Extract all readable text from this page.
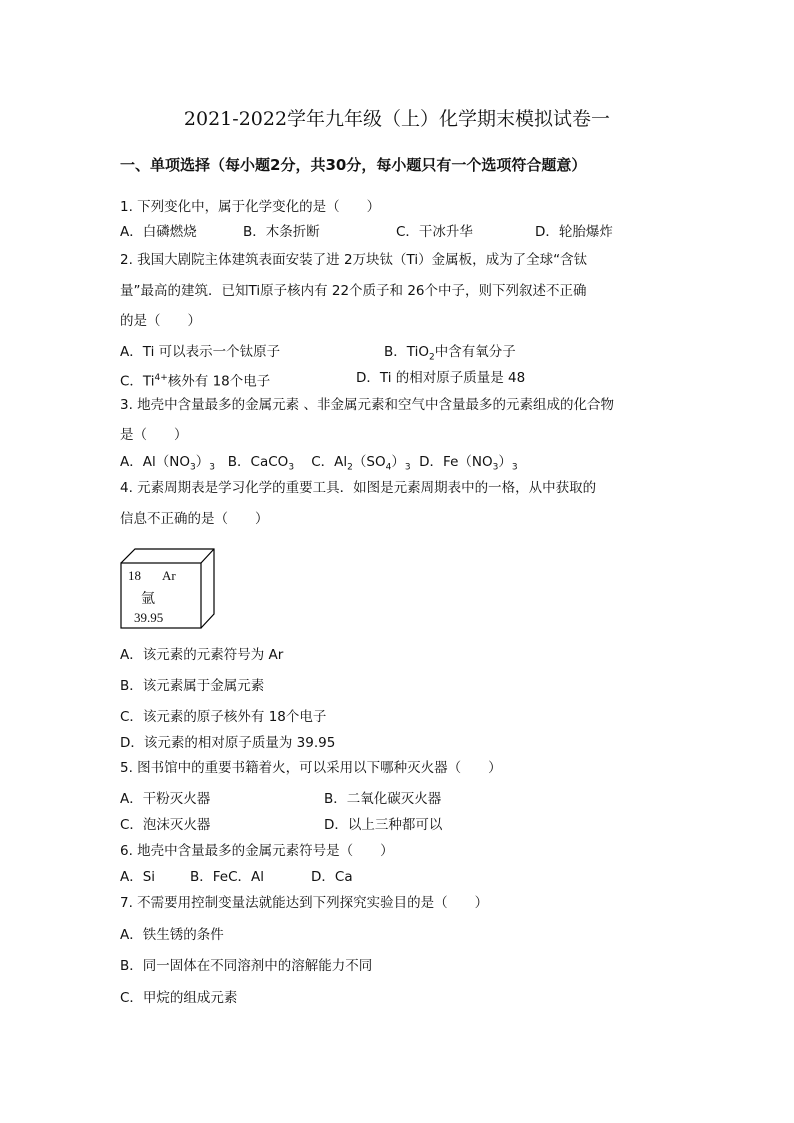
2021-2022学年九年级（上）化学期末模拟试卷一
一、单项选择（每小题2分，共30分，每小题只有一个选项符合题意）
1. 下列变化中，属于化学变化的是（　　）
A．白磷燃烧	B．木条折断	C．干冰升华	D．轮胎爆炸
2. 我国大剧院主体建筑表面安装了进 2万块钛（Ti）金属板，成为了全球“含钛
量”最高的建筑．已知Ti原子核内有 22个质子和 26个中子，则下列叙述不正确
的是（　　）
A．Ti 可以表示一个钛原子	B．TiO$_2$中含有氧分子
C．$Ti^{4+}$核外有 18个电子	D．Ti 的相对原子质量是 48
3. 地壳中含量最多的金属元素 、非金属元素和空气中含量最多的元素组成的化合物
是（　　）
A．$Al(NO_3)_3$ B．CaCO$_3$ C．$Al_2(SO_4)_3$ D．$Fe(NO_3)_3$
4. 元素周期表是学习化学的重要工具．如图是元素周期表中的一格，从中获取的
信息不正确的是（　　）
18 Ar
氩
39.95
A．该元素的元素符号为 Ar
B．该元素属于金属元素
C．该元素的原子核外有 18个电子
D．该元素的相对原子质量为 39.95
5. 图书馆中的重要书籍着火，可以采用以下哪种灭火器（　　）
A．干粉灭火器	B．二氧化碳灭火器
C．泡沫灭火器	D．以上三种都可以
6. 地壳中含量最多的金属元素符号是（　　）
A．Si	B．FeC．Al	D．Ca
7. 不需要用控制变量法就能达到下列探究实验目的是（　　）
A．铁生锈的条件
B．同一固体在不同溶剂中的溶解能力不同
C．甲烷的组成元素
